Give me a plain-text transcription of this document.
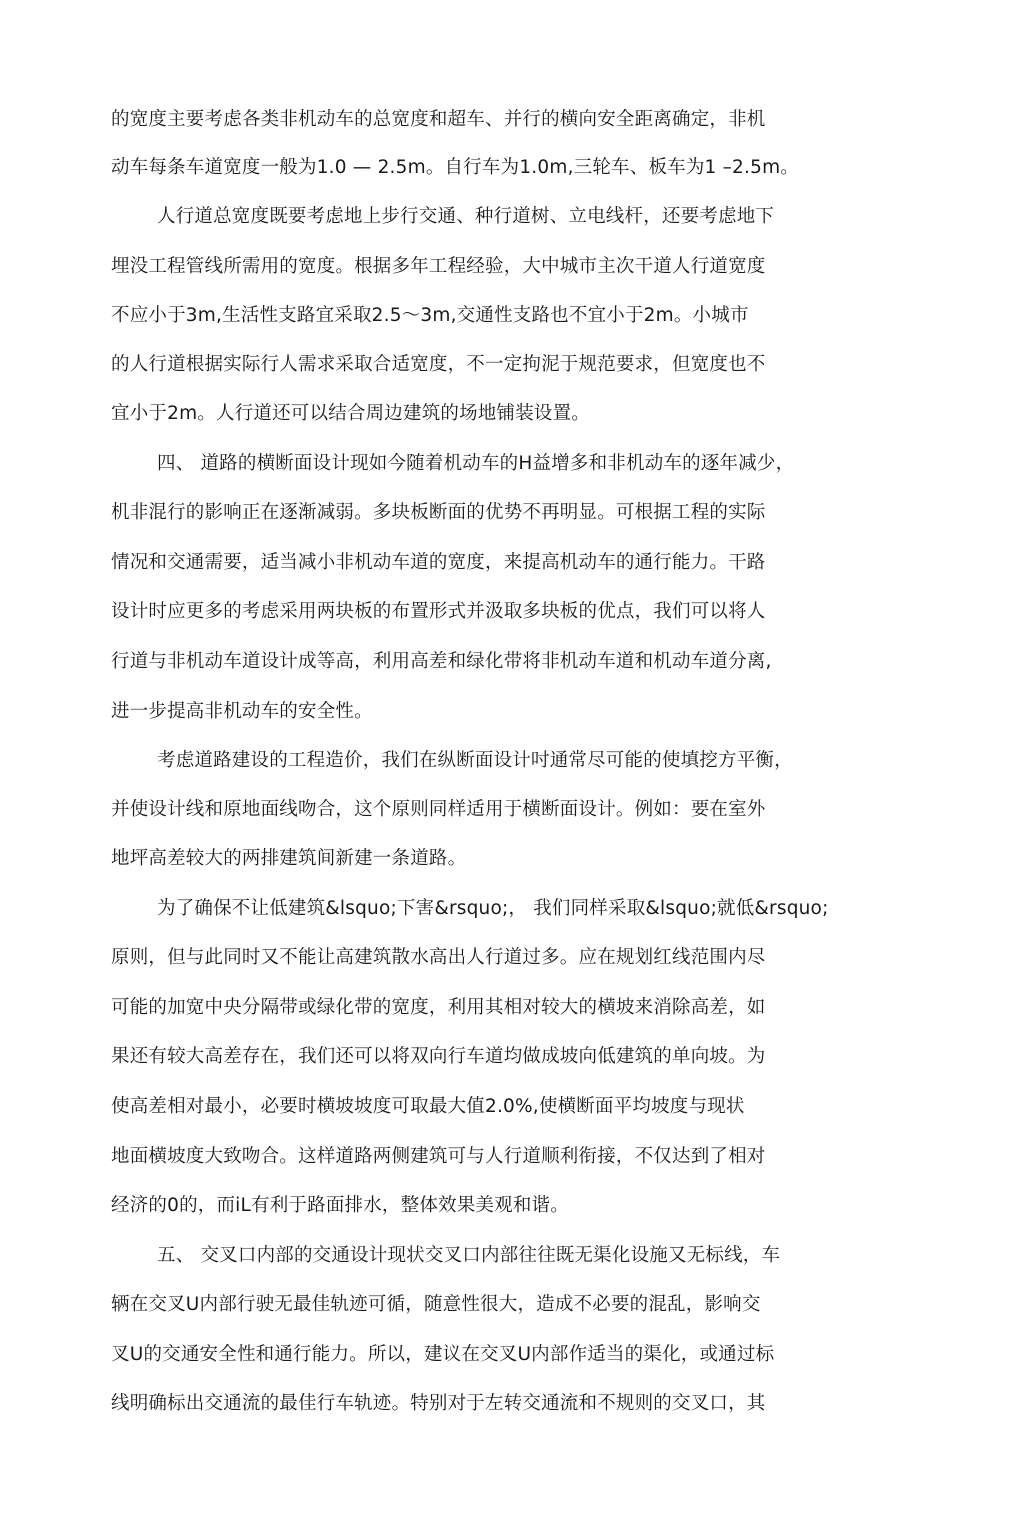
的宽度主要考虑各类非机动车的总宽度和超车、并行的横向安全距离确定，非机

动车每条车道宽度一般为1.0 — 2.5m。自行车为1.0m,三轮车、板车为1 –2.5m。

人行道总宽度既要考虑地上步行交通、种行道树、立电线杆，还要考虑地下

埋没工程管线所需用的宽度。根据多年工程经验，大中城市主次干道人行道宽度

不应小于3m,生活性支路宜采取2.5～3m,交通性支路也不宜小于2m。小城市

的人行道根据实际行人需求采取合适宽度，不一定拘泥于规范要求，但宽度也不

宜小于2m。人行道还可以结合周边建筑的场地铺装设置。

四、 道路的横断面设计现如今随着机动车的H益增多和非机动车的逐年减少，

机非混行的影响正在逐渐减弱。多块板断面的优势不再明显。可根据工程的实际

情况和交通需要，适当减小非机动车道的宽度，来提高机动车的通行能力。干路

设计时应更多的考虑采用两块板的布置形式并汲取多块板的优点，我们可以将人

行道与非机动车道设计成等高，利用高差和绿化带将非机动车道和机动车道分离,

进一步提高非机动车的安全性。

考虑道路建设的工程造价，我们在纵断面设计吋通常尽可能的使填挖方平衡，

并使设计线和原地面线吻合，这个原则同样适用于横断面设计。例如：要在室外

地坪高差较大的两排建筑间新建一条道路。

为了确保不让低建筑&lsquo;下害&rsquo;， 我们同样采取&lsquo;就低&rsquo;

原则，但与此同时又不能让高建筑散水高出人行道过多。应在规划红线范围内尽

可能的加宽中央分隔带或绿化带的宽度，利用其相对较大的横坡来消除高差，如

果还有较大高差存在，我们还可以将双向行车道均做成坡向低建筑的单向坡。为

使高差相对最小，必要时横坡坡度可取最大值2.0%,使横断面平均坡度与现状

地面横坡度大致吻合。这样道路两侧建筑可与人行道顺利衔接，不仅达到了相对

经济的0的，而iL有利于路面排水，整体效果美观和谐。

五、 交叉口内部的交通设计现状交叉口内部往往既无渠化设施又无标线，车

辆在交叉U内部行驶无最佳轨迹可循，随意性很大，造成不必要的混乱，影响交

叉U的交通安全性和通行能力。所以，建议在交叉U内部作适当的渠化，或通过标

线明确标出交通流的最佳行车轨迹。特别对于左转交通流和不规则的交叉口，其
